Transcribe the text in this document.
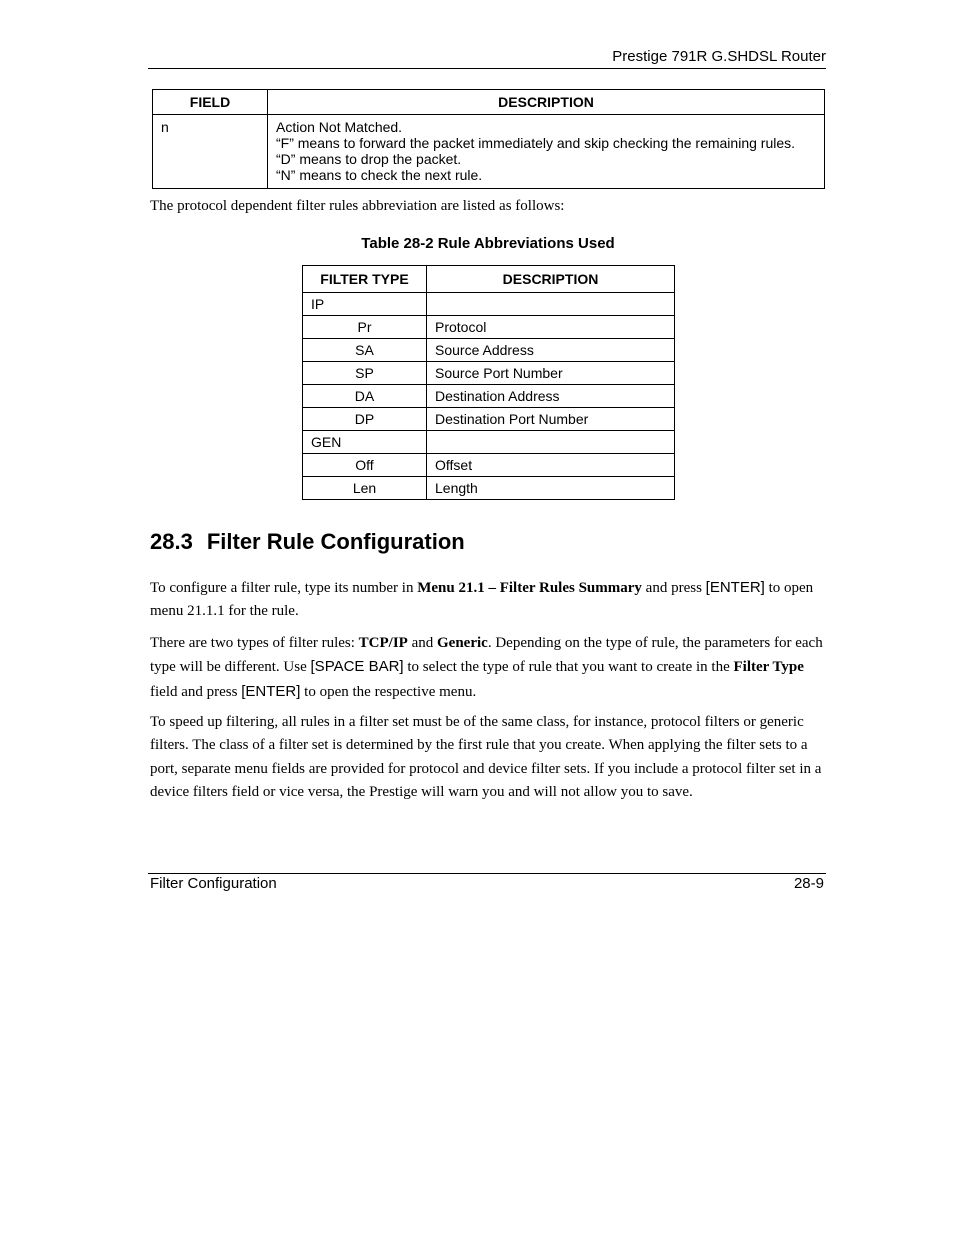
Prestige 791R G.SHDSL Router
FIELD	DESCRIPTION
n	Action Not Matched.
“F” means to forward the packet immediately and skip checking the remaining rules.
“D” means to drop the packet.
“N” means to check the next rule.
The protocol dependent filter rules abbreviation are listed as follows:
Table 28-2 Rule Abbreviations Used
FILTER TYPE	DESCRIPTION
IP	
Pr	Protocol
SA	Source Address
SP	Source Port Number
DA	Destination Address
DP	Destination Port Number
GEN	
Off	Offset
Len	Length
28.3 Filter Rule Configuration
To configure a filter rule, type its number in Menu 21.1 – Filter Rules Summary and press [ENTER] to open menu 21.1.1 for the rule.
There are two types of filter rules: TCP/IP and Generic. Depending on the type of rule, the parameters for each type will be different. Use [SPACE BAR] to select the type of rule that you want to create in the Filter Type field and press [ENTER] to open the respective menu.
To speed up filtering, all rules in a filter set must be of the same class, for instance, protocol filters or generic filters. The class of a filter set is determined by the first rule that you create. When applying the filter sets to a port, separate menu fields are provided for protocol and device filter sets. If you include a protocol filter set in a device filters field or vice versa, the Prestige will warn you and will not allow you to save.
Filter Configuration	28-9
